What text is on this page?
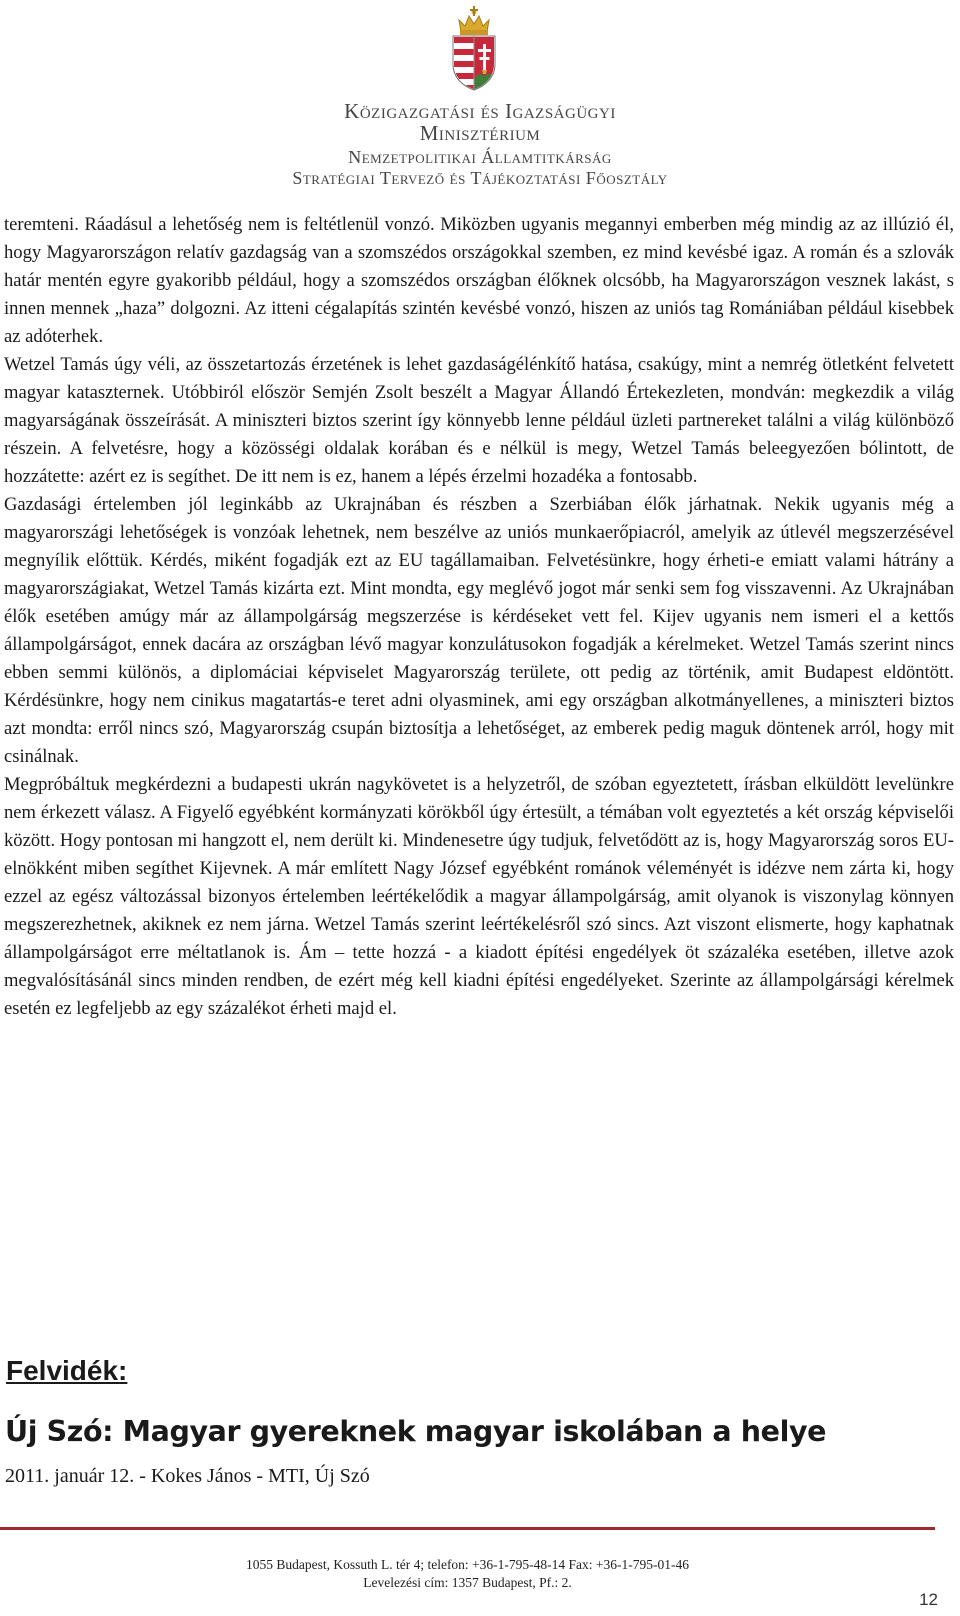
Közigazgatási és Igazságügyi
Minisztérium
Nemzetpolitikai Államtitkárság
Stratégiai Tervező és Tájékoztatási Főosztály

teremteni. Ráadásul a lehetőség nem is feltétlenül vonzó. Miközben ugyanis megannyi emberben még mindig az az illúzió él, hogy Magyarországon relatív gazdagság van a szomszédos országokkal szemben, ez mind kevésbé igaz. A román és a szlovák határ mentén egyre gyakoribb például, hogy a szomszédos országban élőknek olcsóbb, ha Magyarországon vesznek lakást, s innen mennek „haza” dolgozni. Az itteni cégalapítás szintén kevésbé vonzó, hiszen az uniós tag Romániában például kisebbek az adóterhek.

Wetzel Tamás úgy véli, az összetartozás érzetének is lehet gazdaságélénkítő hatása, csakúgy, mint a nemrég ötletként felvetett magyar kataszternek. Utóbbiról először Semjén Zsolt beszélt a Magyar Állandó Értekezleten, mondván: megkezdik a világ magyarságának összeírását. A miniszteri biztos szerint így könnyebb lenne például üzleti partnereket találni a világ különböző részein. A felvetésre, hogy a közösségi oldalak korában és e nélkül is megy, Wetzel Tamás beleegyezően bólintott, de hozzátette: azért ez is segíthet. De itt nem is ez, hanem a lépés érzelmi hozadéka a fontosabb.

Gazdasági értelemben jól leginkább az Ukrajnában és részben a Szerbiában élők járhatnak. Nekik ugyanis még a magyarországi lehetőségek is vonzóak lehetnek, nem beszélve az uniós munkaerőpiacról, amelyik az útlevél megszerzésével megnyílik előttük. Kérdés, miként fogadják ezt az EU tagállamaiban. Felvetésünkre, hogy érheti-e emiatt valami hátrány a magyarországiakat, Wetzel Tamás kizárta ezt. Mint mondta, egy meglévő jogot már senki sem fog visszavenni. Az Ukrajnában élők esetében amúgy már az állampolgárság megszerzése is kérdéseket vett fel. Kijev ugyanis nem ismeri el a kettős állampolgárságot, ennek dacára az országban lévő magyar konzulátusokon fogadják a kérelmeket. Wetzel Tamás szerint nincs ebben semmi különös, a diplomáciai képviselet Magyarország területe, ott pedig az történik, amit Budapest eldöntött. Kérdésünkre, hogy nem cinikus magatartás-e teret adni olyasminek, ami egy országban alkotmányellenes, a miniszteri biztos azt mondta: erről nincs szó, Magyarország csupán biztosítja a lehetőséget, az emberek pedig maguk döntenek arról, hogy mit csinálnak.

Megpróbáltuk megkérdezni a budapesti ukrán nagykövetet is a helyzetről, de szóban egyeztetett, írásban elküldött levelünkre nem érkezett válasz. A Figyelő egyébként kormányzati körökből úgy értesült, a témában volt egyeztetés a két ország képviselői között. Hogy pontosan mi hangzott el, nem derült ki. Mindenesetre úgy tudjuk, felvetődött az is, hogy Magyarország soros EU-elnökként miben segíthet Kijevnek. A már említett Nagy József egyébként románok véleményét is idézve nem zárta ki, hogy ezzel az egész változással bizonyos értelemben leértékelődik a magyar állampolgárság, amit olyanok is viszonylag könnyen megszerezhetnek, akiknek ez nem járna. Wetzel Tamás szerint leértékelésről szó sincs. Azt viszont elismerte, hogy kaphatnak állampolgárságot erre méltatlanok is. Ám – tette hozzá - a kiadott építési engedélyek öt százaléka esetében, illetve azok megvalósításánál sincs minden rendben, de ezért még kell kiadni építési engedélyeket. Szerinte az állampolgársági kérelmek esetén ez legfeljebb az egy százalékot érheti majd el.

Felvidék:
Új Szó: Magyar gyereknek magyar iskolában a helye
2011. január 12. - Kokes János - MTI, Új Szó
1055 Budapest, Kossuth L. tér 4; telefon: +36-1-795-48-14 Fax: +36-1-795-01-46
Levelezési cím: 1357 Budapest, Pf.: 2.
12
